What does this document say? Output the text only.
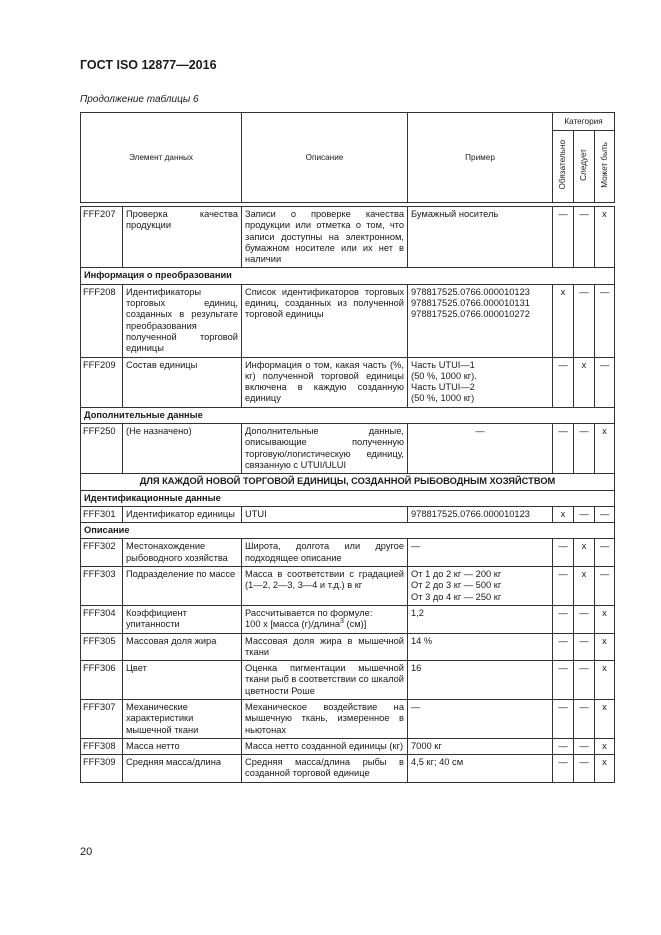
ГОСТ ISO 12877—2016
Продолжение таблицы 6
Элемент данных		Описание	Пример	Категория		
				Обязательно	Следует	Может быть

FFF207	Проверка качества продукции	Записи о проверке качества продукции или отметка о том, что записи доступны на электронном, бумажном носителе или их нет в наличии	Бумажный носитель	—	—	x
Информация о преобразовании						
FFF208	Идентификаторы торговых единиц, созданных в результате преобразования полученной торговой единицы	Список идентификаторов торговых единиц, созданных из полученной торговой единицы	978817525.0766.000010123
978817525.0766.000010131
978817525.0766.000010272	x	—	—
FFF209	Состав единицы	Информация о том, какая часть (%, кг) полученной торговой единицы включена в каждую созданную единицу	Часть UTUI—1
(50 %, 1000 кг).
Часть UTUI—2
(50 %, 1000 кг)	—	x	—
Дополнительные данные						
FFF250	(Не назначено)	Дополнительные данные, описывающие полученную торговую/логистическую единицу, связанную с UTUI/ULUI	—	—	—	x
ДЛЯ КАЖДОЙ НОВОЙ ТОРГОВОЙ ЕДИНИЦЫ, СОЗДАННОЙ РЫБОВОДНЫМ ХОЗЯЙСТВОМ						
Идентификационные данные						
FFF301	Идентификатор единицы	UTUI	978817525.0766.000010123	x	—	—
Описание						
FFF302	Местонахождение рыбоводного хозяйства	Широта, долгота или другое подходящее описание	—	—	x	—
FFF303	Подразделение по массе	Масса в соответствии с градацией (1—2, 2—3, 3—4 и т.д.) в кг	От 1 до 2 кг — 200 кг
От 2 до 3 кг — 500 кг
От 3 до 4 кг — 250 кг	—	x	—
FFF304	Коэффициент упитанности	Рассчитывается по формуле:
100 x [масса (г)/длина$^3$ (см)]	1,2	—	—	x
FFF305	Массовая доля жира	Массовая доля жира в мышечной ткани	14 %	—	—	x
FFF306	Цвет	Оценка пигментации мышечной ткани рыб в соответствии со шкалой цветности Роше	16	—	—	x
FFF307	Механические характеристики мышечной ткани	Механическое воздействие на мышечную ткань, измеренное в ньютонах	—	—	—	x
FFF308	Масса нетто	Масса нетто созданной единицы (кг)	7000 кг	—	—	x
FFF309	Средняя масса/длина	Средняя масса/длина рыбы в созданной торговой единице	4,5 кг; 40 см	—	—	x
20
